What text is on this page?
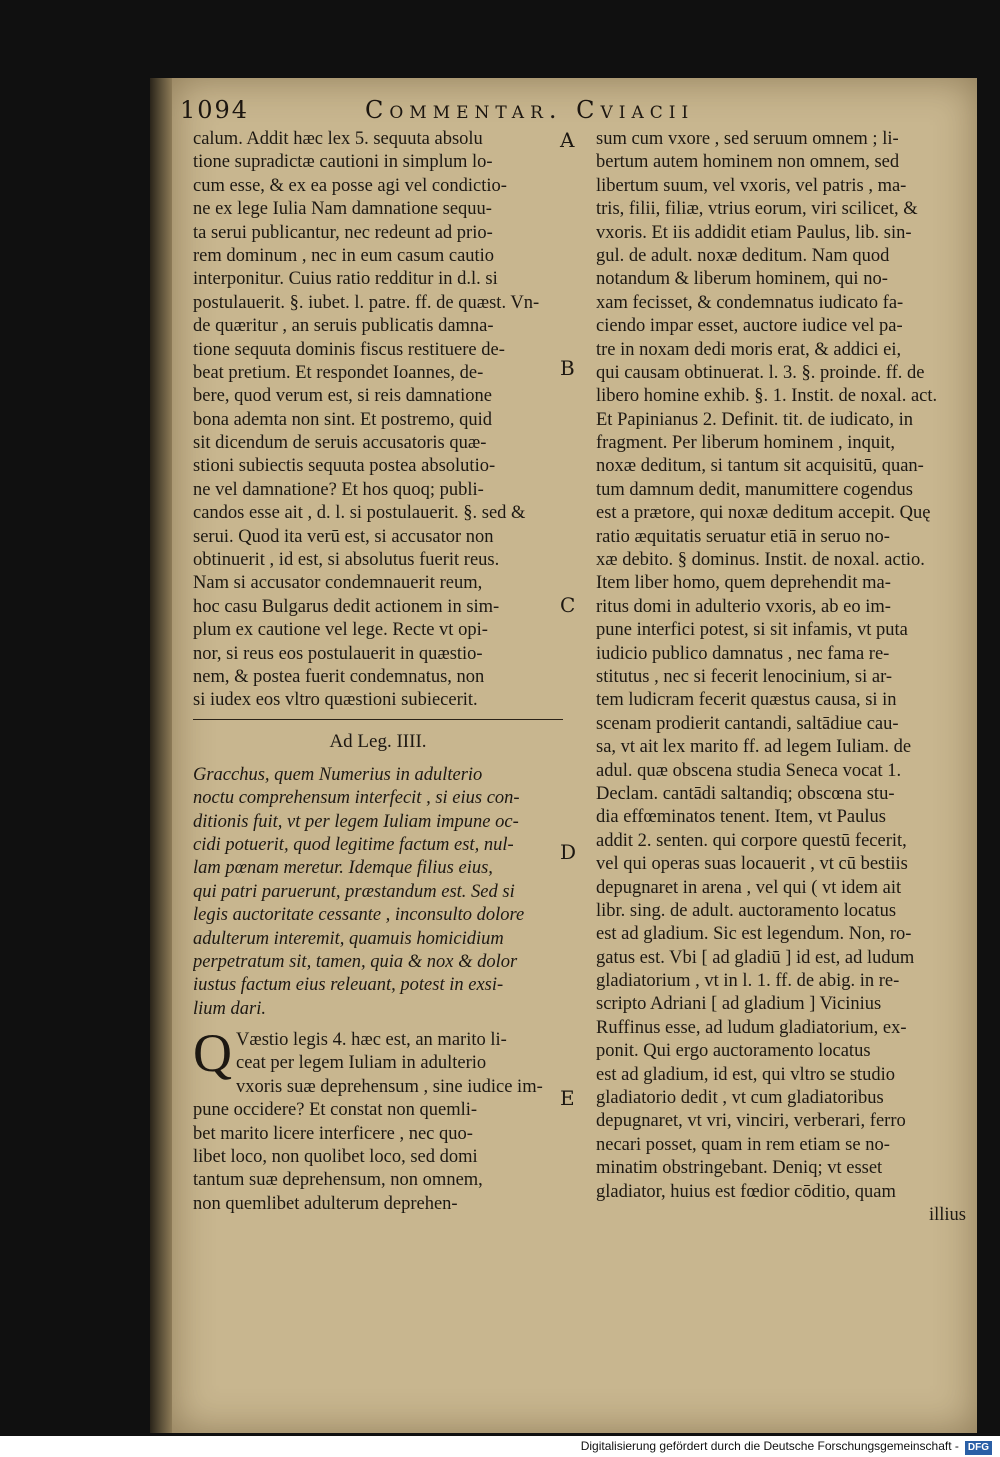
1094	Commentar. Cviacii
calum. Addit hæc lex 5. sequuta absolu
tione supradictæ cautioni in simplum lo-
cum esse, & ex ea posse agi vel condictio-
ne ex lege Iulia Nam damnatione sequu-
ta serui publicantur, nec redeunt ad prio-
rem dominum , nec in eum casum cautio
interponitur. Cuius ratio redditur in d.l. si
postulauerit. §. iubet. l. patre. ff. de quæst. Vn-
de quæritur , an seruis publicatis damna-
tione sequuta dominis fiscus restituere de-
beat pretium. Et respondet Ioannes, de-
bere, quod verum est, si reis damnatione
bona ademta non sint. Et postremo, quid
sit dicendum de seruis accusatoris quæ-
stioni subiectis sequuta postea absolutio-
ne vel damnatione? Et hos quoq; publi-
candos esse ait , d. l. si postulauerit. §. sed &
serui. Quod ita verū est, si accusator non
obtinuerit , id est, si absolutus fuerit reus.
Nam si accusator condemnauerit reum,
hoc casu Bulgarus dedit actionem in sim-
plum ex cautione vel lege. Recte vt opi-
nor, si reus eos postulauerit in quæstio-
nem, & postea fuerit condemnatus, non
si iudex eos vltro quæstioni subiecerit.
Ad Leg. IIII.
Gracchus, quem Numerius in adulterio
noctu comprehensum interfecit , si eius con-
ditionis fuit, vt per legem Iuliam impune oc-
cidi potuerit, quod legitime factum est, nul-
lam pœnam meretur. Idemque filius eius,
qui patri paruerunt, præstandum est. Sed si
legis auctoritate cessante , inconsulto dolore
adulterum interemit, quamuis homicidium
perpetratum sit, tamen, quia & nox & dolor
iustus factum eius releuant, potest in exsi-
lium dari.
Q Væstio legis 4. hæc est, an marito li-
ceat per legem Iuliam in adulterio
vxoris suæ deprehensum , sine iudice im-
pune occidere? Et constat non quemli-
bet marito licere interficere , nec quo-
libet loco, non quolibet loco, sed domi
tantum suæ deprehensum, non omnem,
non quemlibet adulterum deprehen-
A
B
C
D
E
sum cum vxore , sed seruum omnem ; li-
bertum autem hominem non omnem, sed
libertum suum, vel vxoris, vel patris , ma-
tris, filii, filiæ, vtrius eorum, viri scilicet, &
vxoris. Et iis addidit etiam Paulus, lib. sin-
gul. de adult. noxæ deditum. Nam quod
notandum & liberum hominem, qui no-
xam fecisset, & condemnatus iudicato fa-
ciendo impar esset, auctore iudice vel pa-
tre in noxam dedi moris erat, & addici ei,
qui causam obtinuerat. l. 3. §. proinde. ff. de
libero homine exhib. §. 1. Instit. de noxal. act.
Et Papinianus 2. Definit. tit. de iudicato, in
fragment. Per liberum hominem , inquit,
noxæ deditum, si tantum sit acquisitū, quan-
tum damnum dedit, manumittere cogendus
est a prætore, qui noxæ deditum accepit. Quę
ratio æquitatis seruatur etiā in seruo no-
xæ debito. § dominus. Instit. de noxal. actio.
Item liber homo, quem deprehendit ma-
ritus domi in adulterio vxoris, ab eo im-
pune interfici potest, si sit infamis, vt puta
iudicio publico damnatus , nec fama re-
stitutus , nec si fecerit lenocinium, si ar-
tem ludicram fecerit quæstus causa, si in
scenam prodierit cantandi, saltādiue cau-
sa, vt ait lex marito ff. ad legem Iuliam. de
adul. quæ obscena studia Seneca vocat 1.
Declam. cantādi saltandiq; obscœna stu-
dia effœminatos tenent. Item, vt Paulus
addit 2. senten. qui corpore questū fecerit,
vel qui operas suas locauerit , vt cū bestiis
depugnaret in arena , vel qui ( vt idem ait
libr. sing. de adult. auctoramento locatus
est ad gladium. Sic est legendum. Non, ro-
gatus est. Vbi [ ad gladiū ] id est, ad ludum
gladiatorium , vt in l. 1. ff. de abig. in re-
scripto Adriani [ ad gladium ] Vicinius
Ruffinus esse, ad ludum gladiatorium, ex-
ponit. Qui ergo auctoramento locatus
est ad gladium, id est, qui vltro se studio
gladiatorio dedit , vt cum gladiatoribus
depugnaret, vt vri, vinciri, verberari, ferro
necari posset, quam in rem etiam se no-
minatim obstringebant. Deniq; vt esset
gladiator, huius est fœdior cōditio, quam
illius
Digitalisierung gefördert durch die Deutsche Forschungsgemeinschaft - DFG
